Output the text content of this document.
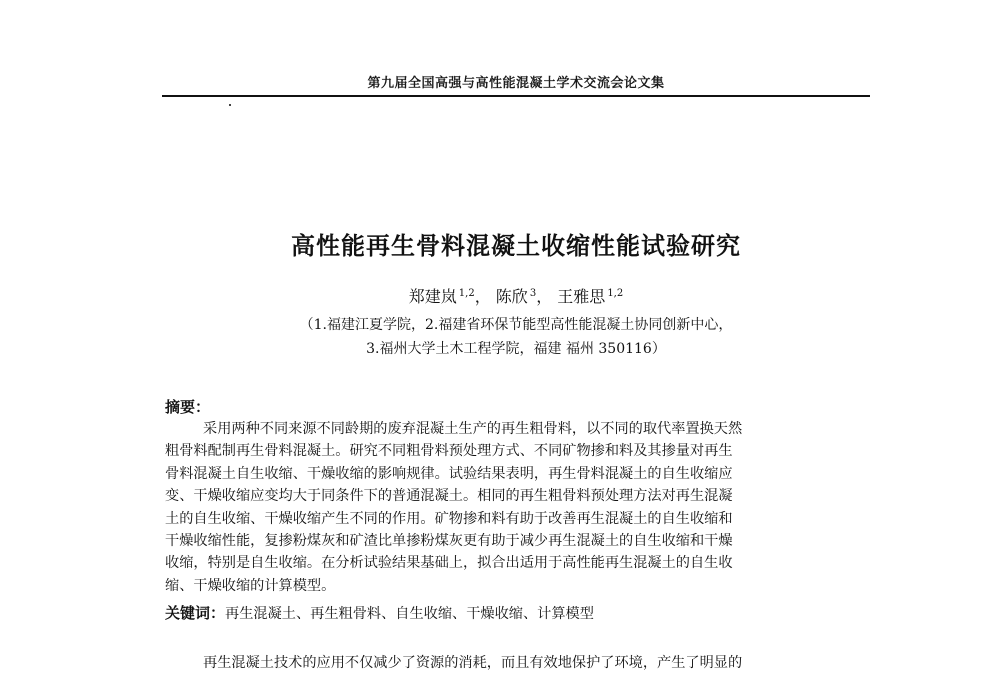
第九届全国高强与高性能混凝土学术交流会论文集
高性能再生骨料混凝土收缩性能试验研究
郑建岚 $^{1,2}$， 陈欣 $^3$， 王雅思 $^{1,2}$
（1.福建江夏学院，2.福建省环保节能型高性能混凝土协同创新中心，
3.福州大学土木工程学院，福建 福州 350116）
摘要：
采用两种不同来源不同龄期的废弃混凝土生产的再生粗骨料，以不同的取代率置换天然
粗骨料配制再生骨料混凝土。研究不同粗骨料预处理方式、不同矿物掺和料及其掺量对再生
骨料混凝土自生收缩、干燥收缩的影响规律。试验结果表明，再生骨料混凝土的自生收缩应
变、干燥收缩应变均大于同条件下的普通混凝土。相同的再生粗骨料预处理方法对再生混凝
土的自生收缩、干燥收缩产生不同的作用。矿物掺和料有助于改善再生混凝土的自生收缩和
干燥收缩性能，复掺粉煤灰和矿渣比单掺粉煤灰更有助于减少再生混凝土的自生收缩和干燥
收缩，特别是自生收缩。在分析试验结果基础上，拟合出适用于高性能再生混凝土的自生收
缩、干燥收缩的计算模型。
关键词：再生混凝土、再生粗骨料、自生收缩、干燥收缩、计算模型
再生混凝土技术的应用不仅减少了资源的消耗，而且有效地保护了环境，产生了明显的
